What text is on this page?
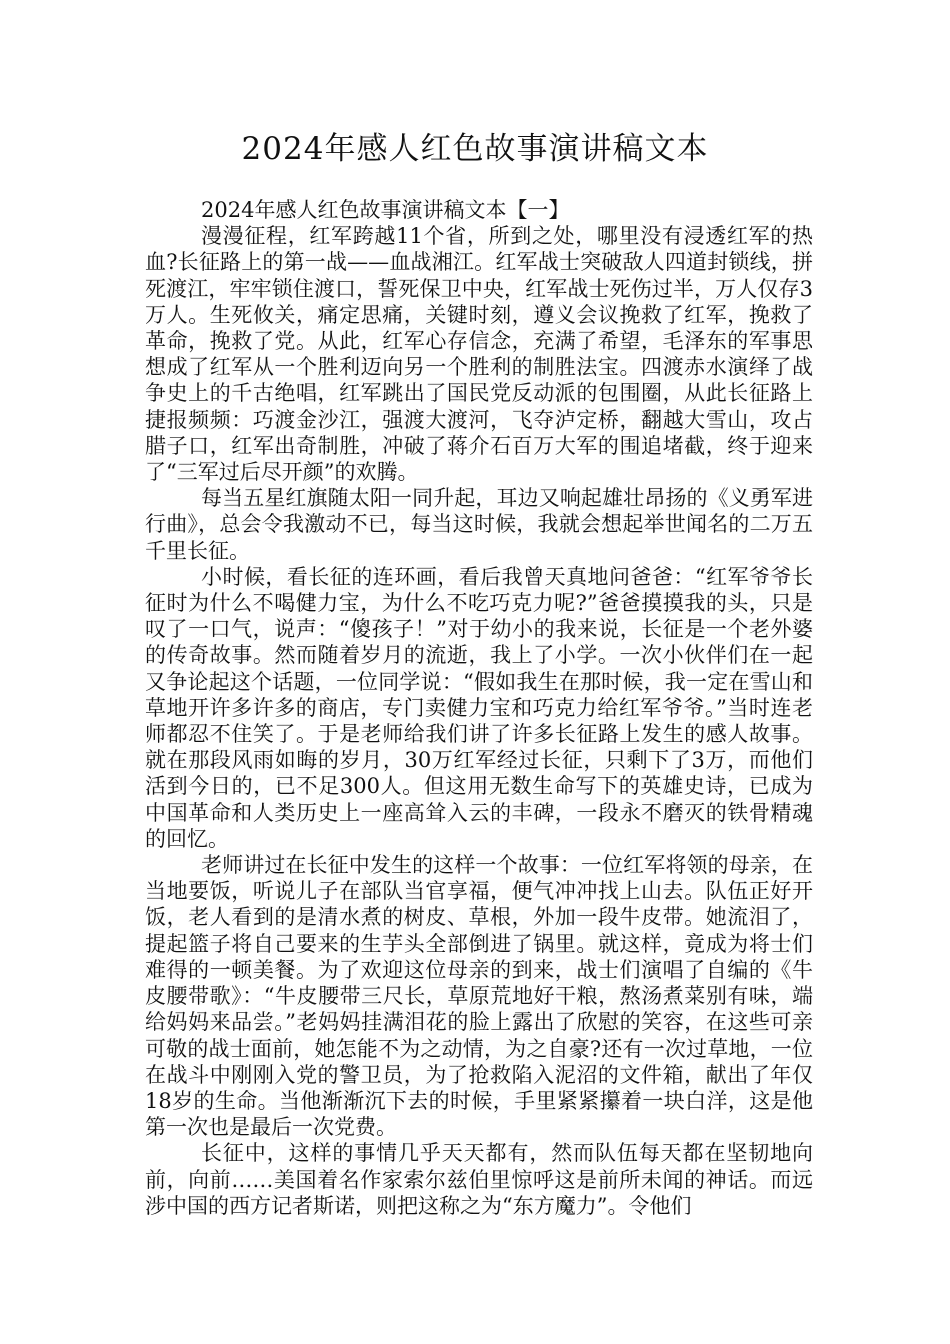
2024年感人红色故事演讲稿文本
2024年感人红色故事演讲稿文本【一】

漫漫征程，红军跨越11个省，所到之处，哪里没有浸透红军的热血?长征路上的第一战——血战湘江。红军战士突破敌人四道封锁线，拼死渡江，牢牢锁住渡口，誓死保卫中央，红军战士死伤过半，万人仅存3万人。生死攸关，痛定思痛，关键时刻，遵义会议挽救了红军，挽救了革命，挽救了党。从此，红军心存信念，充满了希望，毛泽东的军事思想成了红军从一个胜利迈向另一个胜利的制胜法宝。四渡赤水演绎了战争史上的千古绝唱，红军跳出了国民党反动派的包围圈，从此长征路上捷报频频：巧渡金沙江，强渡大渡河，飞夺泸定桥，翻越大雪山，攻占腊子口，红军出奇制胜，冲破了蒋介石百万大军的围追堵截，终于迎来了“三军过后尽开颜”的欢腾。

每当五星红旗随太阳一同升起，耳边又响起雄壮昂扬的《义勇军进行曲》，总会令我激动不已，每当这时候，我就会想起举世闻名的二万五千里长征。

小时候，看长征的连环画，看后我曾天真地问爸爸：“红军爷爷长征时为什么不喝健力宝，为什么不吃巧克力呢?”爸爸摸摸我的头，只是叹了一口气，说声：“傻孩子！”对于幼小的我来说，长征是一个老外婆的传奇故事。然而随着岁月的流逝，我上了小学。一次小伙伴们在一起又争论起这个话题，一位同学说：“假如我生在那时候，我一定在雪山和草地开许多许多的商店，专门卖健力宝和巧克力给红军爷爷。”当时连老师都忍不住笑了。于是老师给我们讲了许多长征路上发生的感人故事。就在那段风雨如晦的岁月，30万红军经过长征，只剩下了3万，而他们活到今日的，已不足300人。但这用无数生命写下的英雄史诗，已成为中国革命和人类历史上一座高耸入云的丰碑，一段永不磨灭的铁骨精魂的回忆。

老师讲过在长征中发生的这样一个故事：一位红军将领的母亲，在当地要饭，听说儿子在部队当官享福，便气冲冲找上山去。队伍正好开饭，老人看到的是清水煮的树皮、草根，外加一段牛皮带。她流泪了，提起篮子将自己要来的生芋头全部倒进了锅里。就这样，竟成为将士们难得的一顿美餐。为了欢迎这位母亲的到来，战士们演唱了自编的《牛皮腰带歌》：“牛皮腰带三尺长，草原荒地好干粮，熬汤煮菜别有味，端给妈妈来品尝。”老妈妈挂满泪花的脸上露出了欣慰的笑容，在这些可亲可敬的战士面前，她怎能不为之动情，为之自豪?还有一次过草地，一位在战斗中刚刚入党的警卫员，为了抢救陷入泥沼的文件箱，献出了年仅18岁的生命。当他渐渐沉下去的时候，手里紧紧攥着一块白洋，这是他第一次也是最后一次党费。

长征中，这样的事情几乎天天都有，然而队伍每天都在坚韧地向前，向前……美国着名作家索尔兹伯里惊呼这是前所未闻的神话。而远涉中国的西方记者斯诺，则把这称之为“东方魔力”。令他们
